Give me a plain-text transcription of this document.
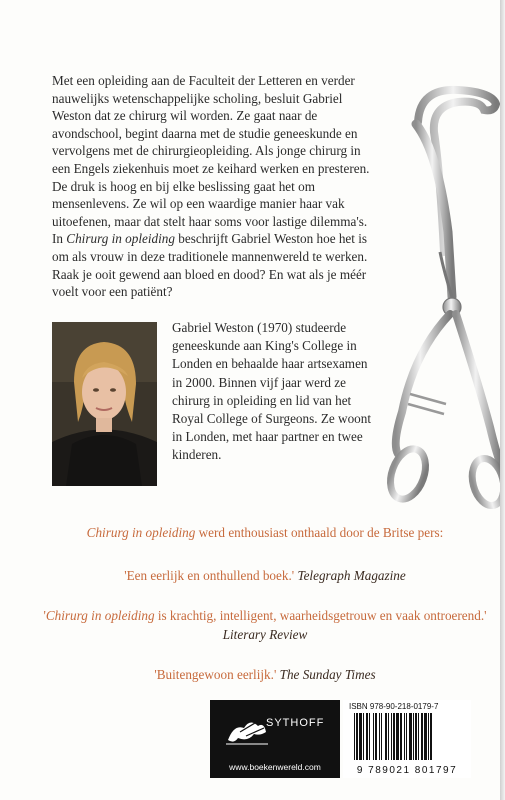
Met een opleiding aan de Faculteit der Letteren en verder nauwelijks wetenschappelijke scholing, besluit Gabriel Weston dat ze chirurg wil worden. Ze gaat naar de avondschool, begint daarna met de studie geneeskunde en vervolgens met de chirurgieopleiding. Als jonge chirurg in een Engels ziekenhuis moet ze keihard werken en presteren.

De druk is hoog en bij elke beslissing gaat het om mensenlevens. Ze wil op een waardige manier haar vak uitoefenen, maar dat stelt haar soms voor lastige dilemma's.

In Chirurg in opleiding beschrijft Gabriel Weston hoe het is om als vrouw in deze traditionele mannenwereld te werken.

Raak je ooit gewend aan bloed en dood? En wat als je méér voelt voor een patiënt?

Gabriel Weston (1970) studeerde geneeskunde aan King's College in Londen en behaalde haar artsexamen in 2000. Binnen vijf jaar werd ze chirurg in opleiding en lid van het Royal College of Surgeons. Ze woont in Londen, met haar partner en twee kinderen.

Chirurg in opleiding werd enthousiast onthaald door de Britse pers:

'Een eerlijk en onthullend boek.' Telegraph Magazine

'Chirurg in opleiding is krachtig, intelligent, waarheidsgetrouw en vaak ontroerend.' Literary Review

'Buitengewoon eerlijk.' The Sunday Times

SYTHOFF
www.boekenwereld.com
ISBN 978-90-218-0179-7
9 789021 801797
